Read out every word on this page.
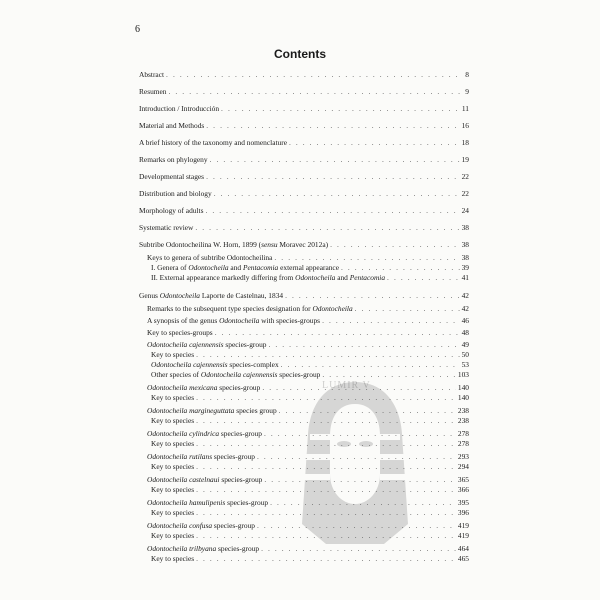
6
Contents
LUMIR V
Abstract . . .	8
Resumen . . .	9
Introduction / Introducción . . .	11
Material and Methods . . .	16
A brief history of the taxonomy and nomenclature . . .	18
Remarks on phylogeny . . .	19
Developmental stages . . .	22
Distribution and biology . . .	22
Morphology of adults . . .	24
Systematic review . . .	38
Subtribe Odontocheilina W. Horn, 1899 (sensu Moravec 2012a) . . .	38
Keys to genera of subtribe Odontocheilina . . .	38
I. Genera of Odontocheila and Pentacomia external appearance . . .	39
II. External appearance markedly differing from Odontocheila and Pentacomia . . .	41
Genus Odontocheila Laporte de Castelnau, 1834 . . .	42
Remarks to the subsequent type species designation for Odontocheila . . .	42
A synopsis of the genus Odontocheila with species-groups . . .	46
Key to species-groups . . .	48
Odontocheila cajennensis species-group . . .	49
Key to species . . .	50
Odontocheila cajennensis species-complex . . .	53
Other species of Odontocheila cajennensis species-group . . .	103
Odontocheila mexicana species-group . . .	140
Key to species . . .	140
Odontocheila margineguttata species group . . .	238
Key to species . . .	238
Odontocheila cylindrica species-group . . .	278
Key to species . . .	278
Odontocheila rutilans species-group . . .	293
Key to species . . .	294
Odontocheila castelnaui species-group . . .	365
Key to species . . .	366
Odontocheila hamulipenis species-group . . .	395
Key to species . . .	396
Odontocheila confusa species-group . . .	419
Key to species . . .	419
Odontocheila trilbyana species-group . . .	464
Key to species . . .	465
